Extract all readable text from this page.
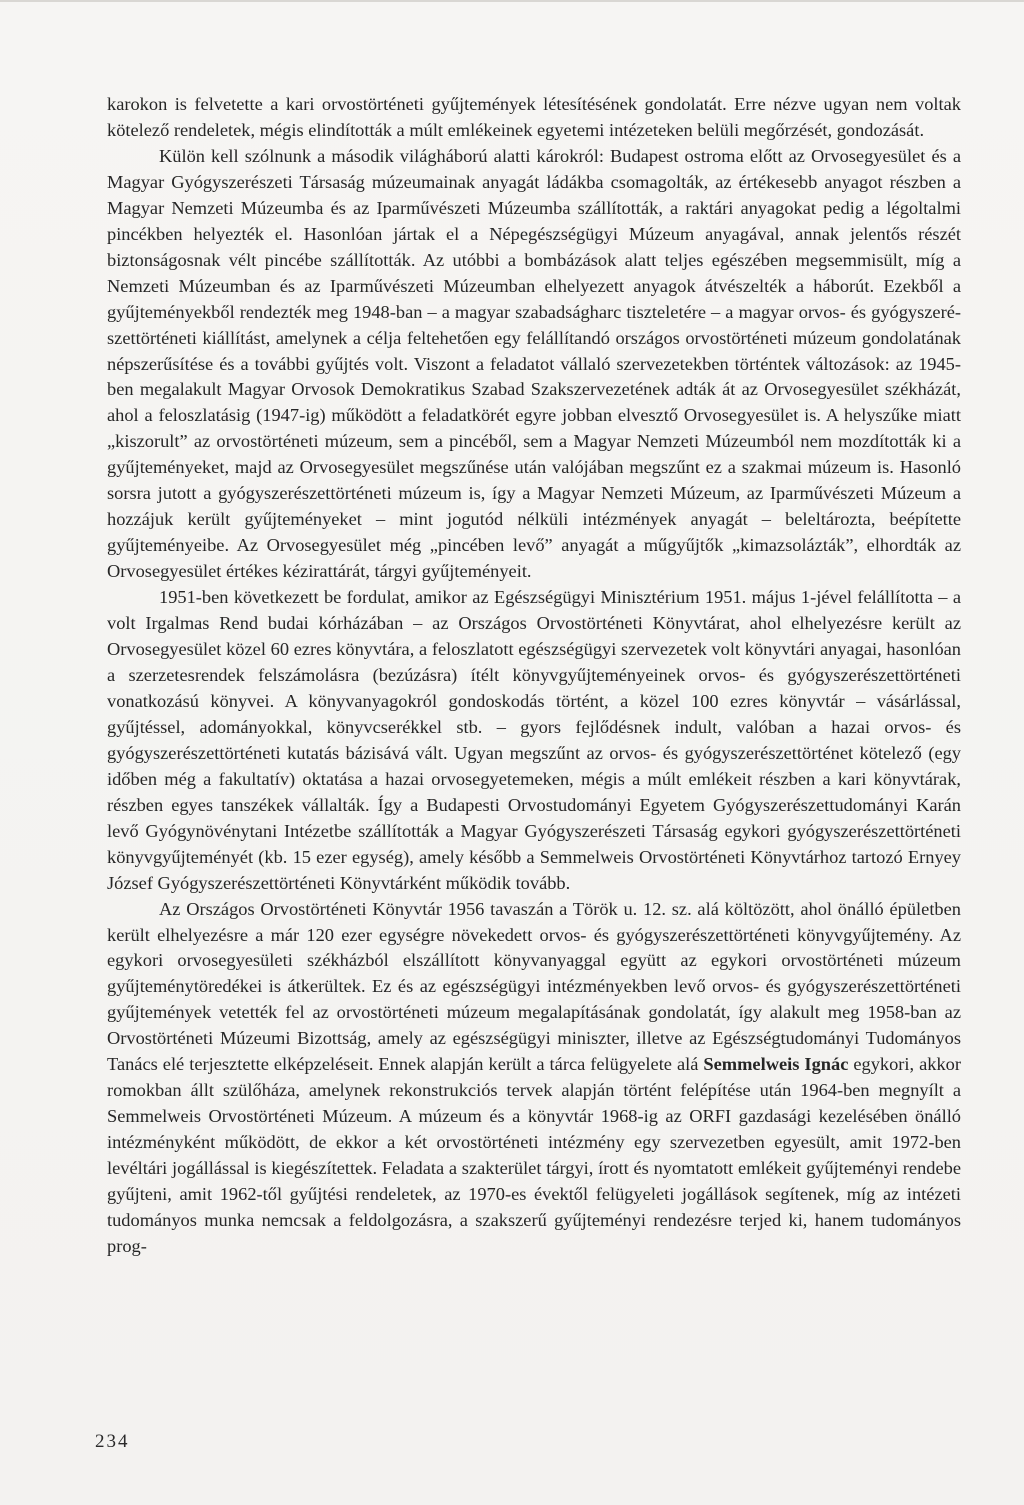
karokon is felvetette a kari orvostörténeti gyűjtemények létesítésének gondolatát. Erre nézve ugyan nem voltak kötelező rendeletek, mégis elindították a múlt emlékeinek egyetemi intézeteken belüli megőrzését, gondozását.

Külön kell szólnunk a második világháború alatti károkról: Budapest ostroma előtt az Orvosegyesület és a Magyar Gyógyszerészeti Társaság múzeumainak anyagát ládákba csomagolták, az értékesebb anyagot részben a Magyar Nemzeti Múzeumba és az Iparművészeti Múzeumba szállították, a raktári anyagokat pedig a légoltalmi pincékben helyezték el. Hasonlóan jártak el a Népegészségügyi Múzeum anyagával, annak jelentős részét biztonságosnak vélt pincébe szállították. Az utóbbi a bombázások alatt teljes egészében megsemmisült, míg a Nemzeti Múzeumban és az Iparművészeti Múzeumban elhelyezett anyagok átvészelték a háborút. Ezekből a gyűjteményekből rendezték meg 1948-ban – a magyar szabadságharc tiszteletére – a magyar orvos- és gyógyszerészettörténeti kiállítást, amelynek a célja feltehetően egy felállítandó országos orvostörténeti múzeum gondolatának népszerűsítése és a további gyűjtés volt. Viszont a feladatot vállaló szervezetekben történtek változások: az 1945-ben megalakult Magyar Orvosok Demokratikus Szabad Szakszervezetének adták át az Orvosegyesület székházát, ahol a feloszlatásig (1947-ig) működött a feladatkörét egyre jobban elvesztő Orvosegyesület is. A helyszűke miatt „kiszorult” az orvostörténeti múzeum, sem a pincéből, sem a Magyar Nemzeti Múzeumból nem mozdították ki a gyűjteményeket, majd az Orvosegyesület megszűnése után valójában megszűnt ez a szakmai múzeum is. Hasonló sorsra jutott a gyógyszerészettörténeti múzeum is, így a Magyar Nemzeti Múzeum, az Iparművészeti Múzeum a hozzájuk került gyűjteményeket – mint jogutód nélküli intézmények anyagát – beleltározta, beépítette gyűjteményeibe. Az Orvosegyesület még „pincében levő” anyagát a műgyűjtők „kimazsolázták”, elhordták az Orvosegyesület értékes kézirattárát, tárgyi gyűjteményeit.

1951-ben következett be fordulat, amikor az Egészségügyi Minisztérium 1951. május 1-jével felállította – a volt Irgalmas Rend budai kórházában – az Országos Orvostörténeti Könyvtárat, ahol elhelyezésre került az Orvosegyesület közel 60 ezres könyvtára, a feloszlatott egészségügyi szervezetek volt könyvtári anyagai, hasonlóan a szerzetesrendek felszámolásra (bezúzásra) ítélt könyvgyűjteményeinek orvos- és gyógyszerészettörténeti vonatkozású könyvei. A könyvanyagokról gondoskodás történt, a közel 100 ezres könyvtár – vásárlással, gyűjtéssel, adományokkal, könyvcserékkel stb. – gyors fejlődésnek indult, valóban a hazai orvos- és gyógyszerészettörténeti kutatás bázisává vált. Ugyan megszűnt az orvos- és gyógyszerészettörténet kötelező (egy időben még a fakultatív) oktatása a hazai orvosegyetemeken, mégis a múlt emlékeit részben a kari könyvtárak, részben egyes tanszékek vállalták. Így a Budapesti Orvostudományi Egyetem Gyógyszerészettudományi Karán levő Gyógynövénytani Intézetbe szállították a Magyar Gyógyszerészeti Társaság egykori gyógyszerészettörténeti könyvgyűjteményét (kb. 15 ezer egység), amely később a Semmelweis Orvostörténeti Könyvtárhoz tartozó Ernyey József Gyógyszerészettörténeti Könyvtárként működik tovább.

Az Országos Orvostörténeti Könyvtár 1956 tavaszán a Török u. 12. sz. alá költözött, ahol önálló épületben került elhelyezésre a már 120 ezer egységre növekedett orvos- és gyógyszerészettörténeti könyvgyűjtemény. Az egykori orvosegyesületi székházból elszállított könyvanyaggal együtt az egykori orvostörténeti múzeum gyűjteménytöredékei is átkerültek. Ez és az egészségügyi intézményekben levő orvos- és gyógyszerészettörténeti gyűjtemények vetették fel az orvostörténeti múzeum megalapításának gondolatát, így alakult meg 1958-ban az Orvostörténeti Múzeumi Bizottság, amely az egészségügyi miniszter, illetve az Egészségtudományi Tudományos Tanács elé terjesztette elképzeléseit. Ennek alapján került a tárca felügyelete alá Semmelweis Ignác egykori, akkor romokban állt szülőháza, amelynek rekonstrukciós tervek alapján történt felépítése után 1964-ben megnyílt a Semmelweis Orvostörténeti Múzeum. A múzeum és a könyvtár 1968-ig az ORFI gazdasági kezelésében önálló intézményként működött, de ekkor a két orvostörténeti intézmény egy szervezetben egyesült, amit 1972-ben levéltári jogállással is kiegészítettek. Feladata a szakterület tárgyi, írott és nyomtatott emlékeit gyűjteményi rendebe gyűjteni, amit 1962-től gyűjtési rendeletek, az 1970-es évektől felügyeleti jogállások segítenek, míg az intézeti tudományos munka nemcsak a feldolgozásra, a szakszerű gyűjteményi rendezésre terjed ki, hanem tudományos prog-

234
